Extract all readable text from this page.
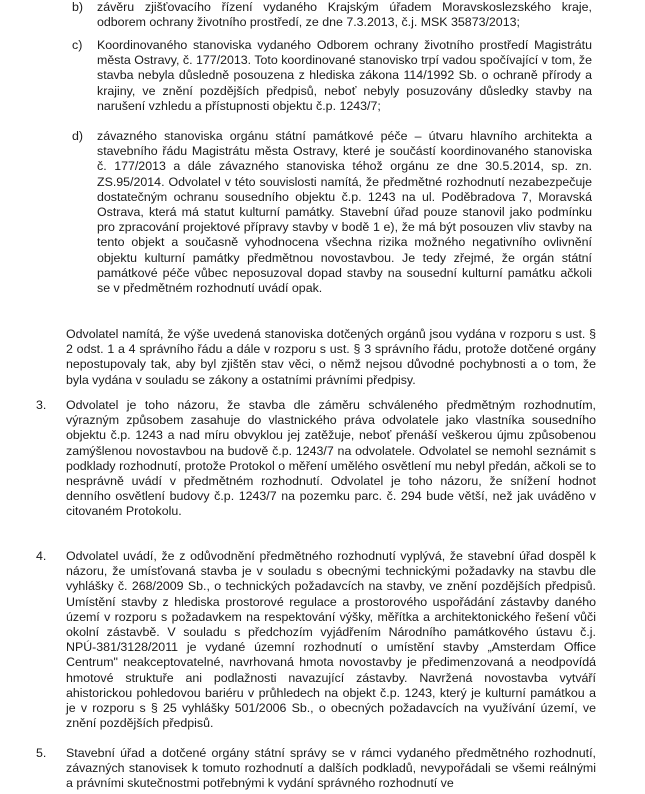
b) závěru zjišťovacího řízení vydaného Krajským úřadem Moravskoslezského kraje, odborem ochrany životního prostředí, ze dne 7.3.2013, č.j. MSK 35873/2013;

c) Koordinovaného stanoviska vydaného Odborem ochrany životního prostředí Magistrátu města Ostravy, č. 177/2013. Toto koordinované stanovisko trpí vadou spočívající v tom, že stavba nebyla důsledně posouzena z hlediska zákona 114/1992 Sb. o ochraně přírody a krajiny, ve znění pozdějších předpisů, neboť nebyly posuzovány důsledky stavby na narušení vzhledu a přístupnosti objektu č.p. 1243/7;

d) závazného stanoviska orgánu státní památkové péče – útvaru hlavního architekta a stavebního řádu Magistrátu města Ostravy, které je součástí koordinovaného stanoviska č. 177/2013 a dále závazného stanoviska téhož orgánu ze dne 30.5.2014, sp. zn. ZS.95/2014. Odvolatel v této souvislosti namítá, že předmětné rozhodnutí nezabezpečuje dostatečným ochranu sousedního objektu č.p. 1243 na ul. Poděbradova 7, Moravská Ostrava, která má statut kulturní památky. Stavební úřad pouze stanovil jako podmínku pro zpracování projektové přípravy stavby v bodě 1 e), že má být posouzen vliv stavby na tento objekt a současně vyhodnocena všechna rizika možného negativního ovlivnění objektu kulturní památky předmětnou novostavbou. Je tedy zřejmé, že orgán státní památkové péče vůbec neposuzoval dopad stavby na sousední kulturní památku ačkoli se v předmětném rozhodnutí uvádí opak.

Odvolatel namítá, že výše uvedená stanoviska dotčených orgánů jsou vydána v rozporu s ust. § 2 odst. 1 a 4 správního řádu a dále v rozporu s ust. § 3 správního řádu, protože dotčené orgány nepostupovaly tak, aby byl zjištěn stav věci, o němž nejsou důvodné pochybnosti a o tom, že byla vydána v souladu se zákony a ostatními právními předpisy.

3. Odvolatel je toho názoru, že stavba dle záměru schváleného předmětným rozhodnutím, výrazným způsobem zasahuje do vlastnického práva odvolatele jako vlastníka sousedního objektu č.p. 1243 a nad míru obvyklou jej zatěžuje, neboť přenáší veškerou újmu způsobenou zamýšlenou novostavbou na budově č.p. 1243/7 na odvolatele. Odvolatel se nemohl seznámit s podklady rozhodnutí, protože Protokol o měření umělého osvětlení mu nebyl předán, ačkoli se to nesprávně uvádí v předmětném rozhodnutí. Odvolatel je toho názoru, že snížení hodnot denního osvětlení budovy č.p. 1243/7 na pozemku parc. č. 294 bude větší, než jak uváděno v citovaném Protokolu.

4. Odvolatel uvádí, že z odůvodnění předmětného rozhodnutí vyplývá, že stavební úřad dospěl k názoru, že umísťovaná stavba je v souladu s obecnými technickými požadavky na stavbu dle vyhlášky č. 268/2009 Sb., o technických požadavcích na stavby, ve znění pozdějších předpisů. Umístění stavby z hlediska prostorové regulace a prostorového uspořádání zástavby daného území v rozporu s požadavkem na respektování výšky, měřítka a architektonického řešení vůči okolní zástavbě. V souladu s předchozím vyjádřením Národního památkového ústavu č.j. NPÚ-381/3128/2011 je vydané územní rozhodnutí o umístění stavby „Amsterdam Office Centrum" neakceptovatelné, navrhovaná hmota novostavby je předimenzovaná a neodpovídá hmotové struktuře ani podlažnosti navazující zástavby. Navržená novostavba vytváří ahistorickou pohledovou bariéru v průhledech na objekt č.p. 1243, který je kulturní památkou a je v rozporu s § 25 vyhlášky 501/2006 Sb., o obecných požadavcích na využívání území, ve znění pozdějších předpisů.

5. Stavební úřad a dotčené orgány státní správy se v rámci vydaného předmětného rozhodnutí, závazných stanovisek k tomuto rozhodnutí a dalších podkladů, nevypořádali se všemi reálnými a právními skutečnostmi potřebnými k vydání správného rozhodnutí ve
